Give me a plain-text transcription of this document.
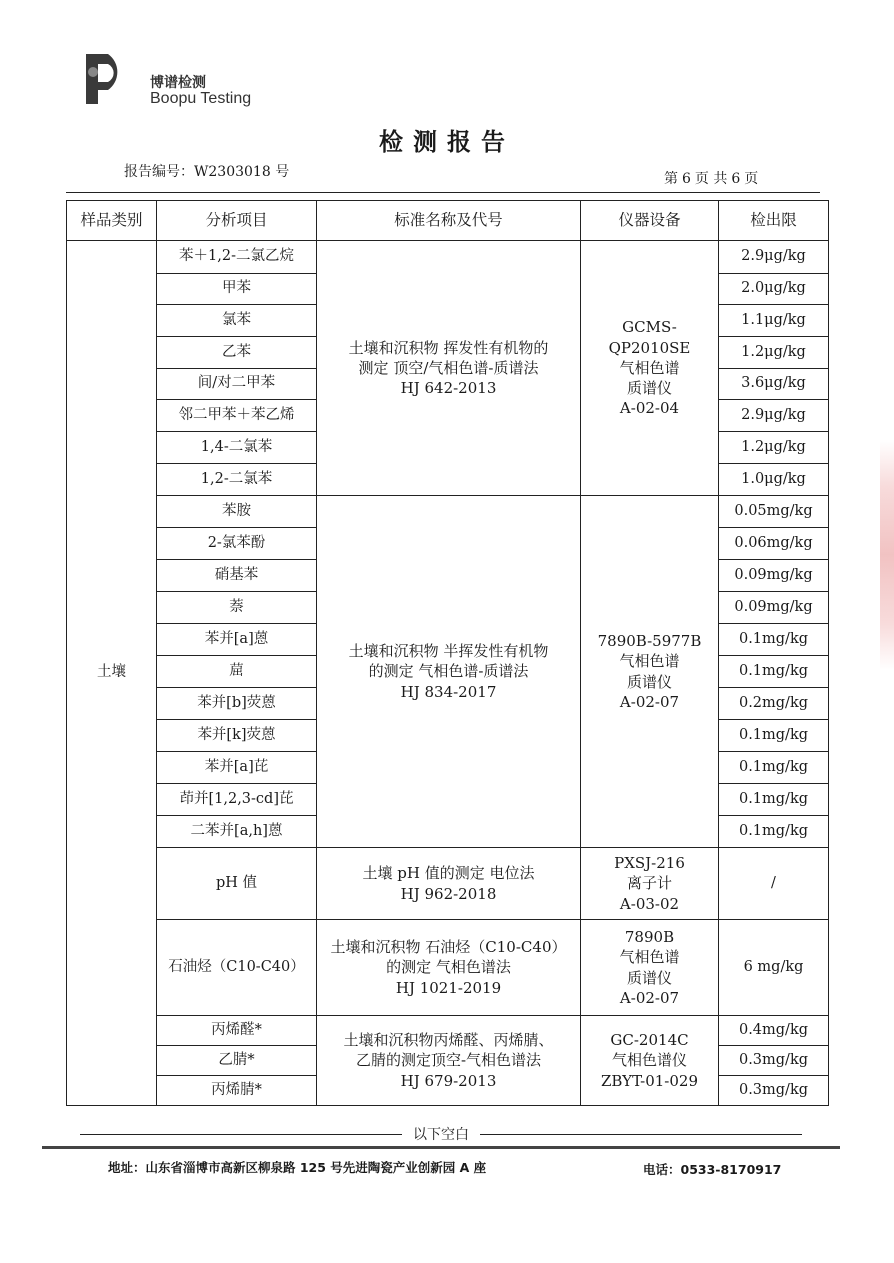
博谱检测
Boopu Testing
检测报告
报告编号：W2303018 号	第 6 页 共 6 页
样品类别	分析项目	标准名称及代号	仪器设备	检出限
土壤	苯＋1,2-二氯乙烷	土壤和沉积物 挥发性有机物的
测定 顶空/气相色谱-质谱法
HJ 642-2013	GCMS-
QP2010SE
气相色谱
质谱仪
A-02-04	2.9μg/kg
	甲苯			2.0μg/kg
	氯苯			1.1μg/kg
	乙苯			1.2μg/kg
	间/对二甲苯			3.6μg/kg
	邻二甲苯＋苯乙烯			2.9μg/kg
	1,4-二氯苯			1.2μg/kg
	1,2-二氯苯			1.0μg/kg
	苯胺	土壤和沉积物 半挥发性有机物
的测定 气相色谱-质谱法
HJ 834-2017	7890B-5977B
气相色谱
质谱仪
A-02-07	0.05mg/kg
	2-氯苯酚			0.06mg/kg
	硝基苯			0.09mg/kg
	萘			0.09mg/kg
	苯并[a]蒽			0.1mg/kg
	䓛			0.1mg/kg
	苯并[b]荧蒽			0.2mg/kg
	苯并[k]荧蒽			0.1mg/kg
	苯并[a]芘			0.1mg/kg
	茚并[1,2,3-cd]芘			0.1mg/kg
	二苯并[a,h]蒽			0.1mg/kg
	pH 值	土壤 pH 值的测定 电位法
HJ 962-2018	PXSJ-216
离子计
A-03-02	/
	石油烃（C10-C40）	土壤和沉积物 石油烃（C10-C40）
的测定 气相色谱法
HJ 1021-2019	7890B
气相色谱
质谱仪
A-02-07	6 mg/kg
	丙烯醛*	土壤和沉积物丙烯醛、丙烯腈、
乙腈的测定顶空-气相色谱法
HJ 679-2013	GC-2014C
气相色谱仪
ZBYT-01-029	0.4mg/kg
	乙腈*			0.3mg/kg
	丙烯腈*			0.3mg/kg
以下空白
地址：山东省淄博市高新区柳泉路 125 号先进陶瓷产业创新园 A 座	电话：0533-8170917
